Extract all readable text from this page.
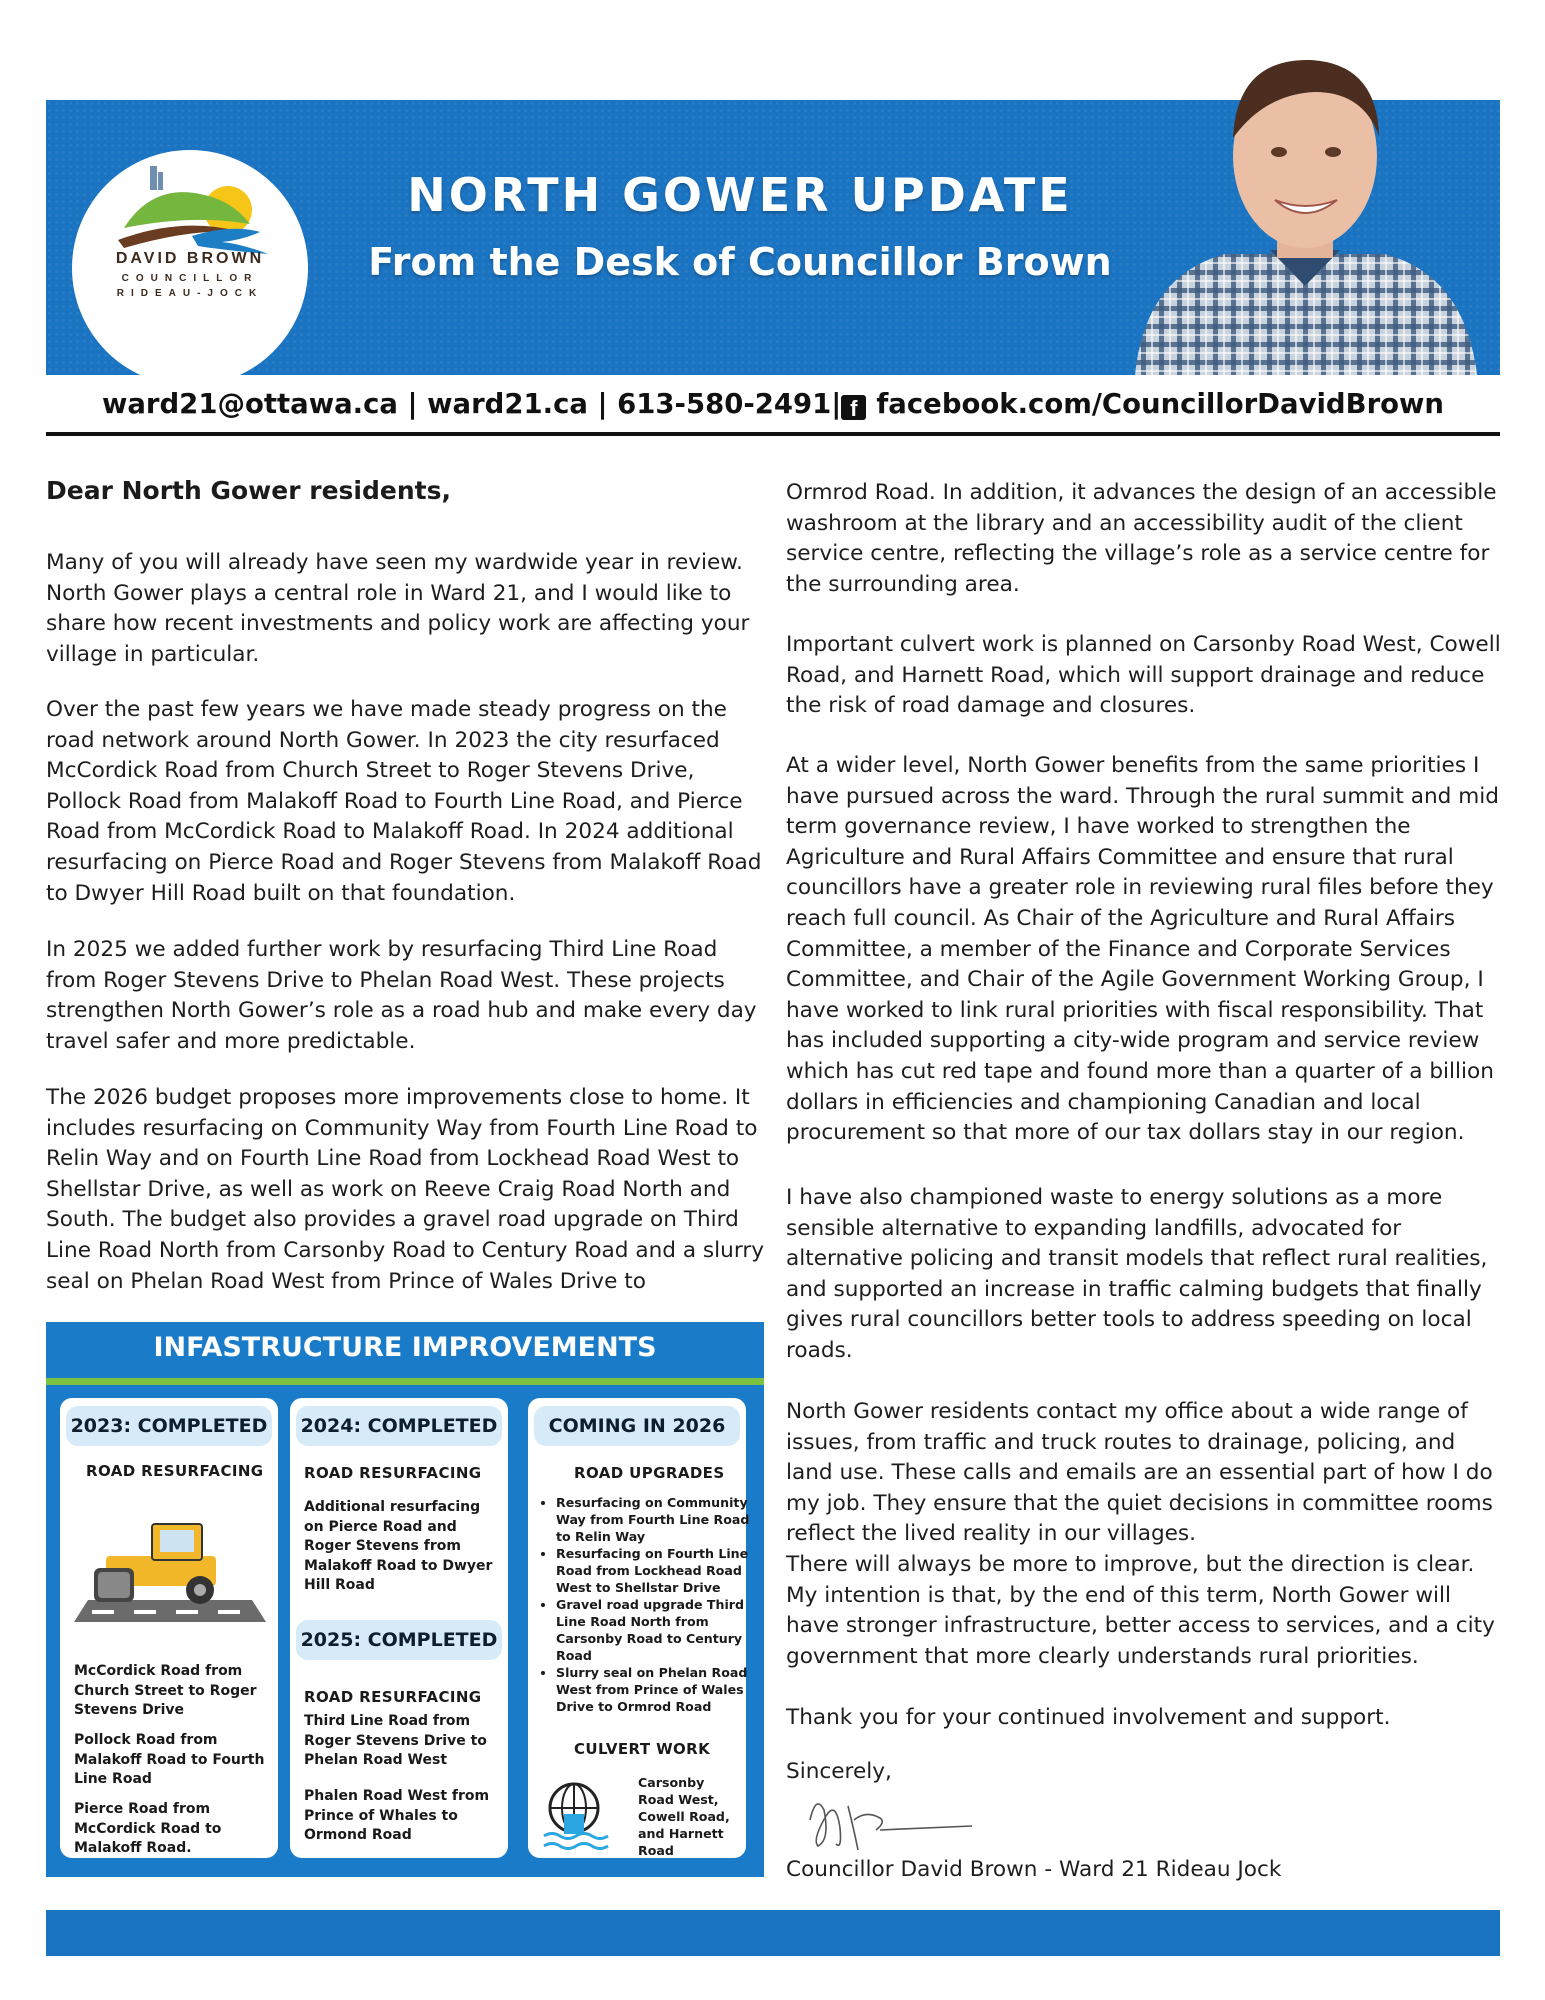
DAVID BROWN
COUNCILLOR
RIDEAU-JOCK
NORTH GOWER UPDATE
From the Desk of Councillor Brown
ward21@ottawa.ca | ward21.ca | 613-580-2491| f facebook.com/CouncillorDavidBrown
Dear North Gower residents,

Many of you will already have seen my wardwide year in review. North Gower plays a central role in Ward 21, and I would like to share how recent investments and policy work are affecting your village in particular.

Over the past few years we have made steady progress on the road network around North Gower. In 2023 the city resurfaced McCordick Road from Church Street to Roger Stevens Drive, Pollock Road from Malakoff Road to Fourth Line Road, and Pierce Road from McCordick Road to Malakoff Road. In 2024 additional resurfacing on Pierce Road and Roger Stevens from Malakoff Road to Dwyer Hill Road built on that foundation.

In 2025 we added further work by resurfacing Third Line Road from Roger Stevens Drive to Phelan Road West. These projects strengthen North Gower’s role as a road hub and make every day travel safer and more predictable.

The 2026 budget proposes more improvements close to home. It includes resurfacing on Community Way from Fourth Line Road to Relin Way and on Fourth Line Road from Lockhead Road West to Shellstar Drive, as well as work on Reeve Craig Road North and South. The budget also provides a gravel road upgrade on Third Line Road North from Carsonby Road to Century Road and a slurry seal on Phelan Road West from Prince of Wales Drive to

Ormrod Road. In addition, it advances the design of an accessible washroom at the library and an accessibility audit of the client service centre, reflecting the village’s role as a service centre for the surrounding area.

Important culvert work is planned on Carsonby Road West, Cowell Road, and Harnett Road, which will support drainage and reduce the risk of road damage and closures.

At a wider level, North Gower benefits from the same priorities I have pursued across the ward. Through the rural summit and mid term governance review, I have worked to strengthen the Agriculture and Rural Affairs Committee and ensure that rural councillors have a greater role in reviewing rural files before they reach full council. As Chair of the Agriculture and Rural Affairs Committee, a member of the Finance and Corporate Services Committee, and Chair of the Agile Government Working Group, I have worked to link rural priorities with fiscal responsibility. That has included supporting a city-wide program and service review which has cut red tape and found more than a quarter of a billion dollars in efficiencies and championing Canadian and local procurement so that more of our tax dollars stay in our region.

I have also championed waste to energy solutions as a more sensible alternative to expanding landfills, advocated for alternative policing and transit models that reflect rural realities, and supported an increase in traffic calming budgets that finally gives rural councillors better tools to address speeding on local roads.

North Gower residents contact my office about a wide range of issues, from traffic and truck routes to drainage, policing, and land use. These calls and emails are an essential part of how I do my job. They ensure that the quiet decisions in committee rooms reflect the lived reality in our villages.

There will always be more to improve, but the direction is clear. My intention is that, by the end of this term, North Gower will have stronger infrastructure, better access to services, and a city government that more clearly understands rural priorities.

Thank you for your continued involvement and support.

Sincerely,

Councillor David Brown - Ward 21 Rideau Jock

INFASTRUCTURE IMPROVEMENTS
2023: COMPLETED
ROAD RESURFACING

McCordick Road from Church Street to Roger Stevens Drive

Pollock Road from Malakoff Road to Fourth Line Road

Pierce Road from McCordick Road to Malakoff Road.

2024: COMPLETED
ROAD RESURFACING

Additional resurfacing on Pierce Road and Roger Stevens from Malakoff Road to Dwyer Hill Road

2025: COMPLETED
ROAD RESURFACING

Third Line Road from Roger Stevens Drive to Phelan Road West

Phalen Road West from Prince of Whales to Ormond Road

COMING IN 2026
ROAD UPGRADES
• Resurfacing on Community Way from Fourth Line Road to Relin Way
• Resurfacing on Fourth Line Road from Lockhead Road West to Shellstar Drive
• Gravel road upgrade Third Line Road North from Carsonby Road to Century Road
• Slurry seal on Phelan Road West from Prince of Wales Drive to Ormrod Road
CULVERT WORK

Carsonby Road West, Cowell Road, and Harnett Road
